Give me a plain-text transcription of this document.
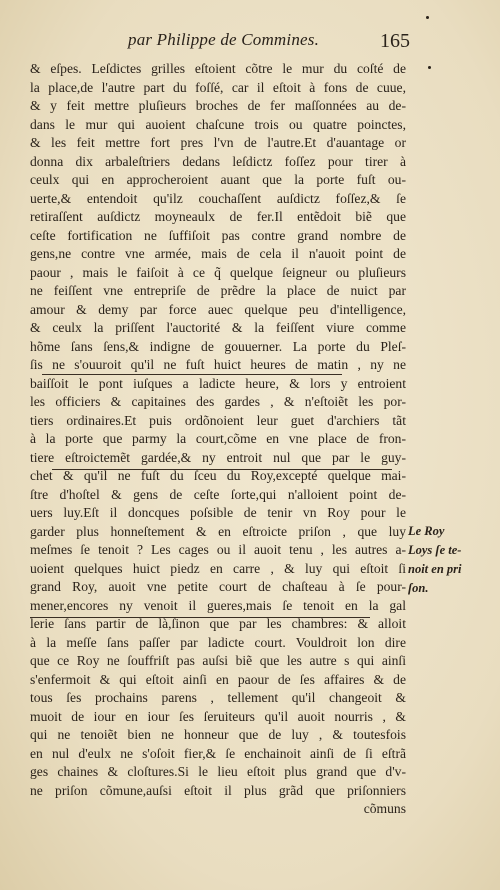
par Philippe de Commines.	165
& eſpes. Leſdictes grilles eſtoient cõtre le mur du coſté de
la place,de l'autre part du foſſé, car il eſtoit à fons de cuue,
& y feit mettre pluſieurs broches de fer maſſonnées au de-
dans le mur qui auoient chaſcune trois ou quatre poinctes,
& les feit mettre fort pres l'vn de l'autre.Et d'auantage or
donna dix arbaleſtriers dedans leſdictz foſſez pour tirer à
ceulx qui en approcheroient auant que la porte fuſt ou-
uerte,& entendoit qu'ilz couchaſſent auſdictz foſſez,& ſe
retiraſſent auſdictz moyneaulx de fer.Il entẽdoit biẽ que
ceſte fortification ne ſuffiſoit pas contre grand nombre de
gens,ne contre vne armée, mais de cela il n'auoit point de
paour , mais le faiſoit à ce q̃ quelque ſeigneur ou pluſieurs
ne feiſſent vne entrepriſe de prẽdre la place de nuict par
amour & demy par force auec quelque peu d'intelligence,
& ceulx la priſſent l'auctorité & la feiſſent viure comme
hõme ſans ſens,& indigne de gouuerner. La porte du Pleſ-
ſis ne s'ouuroit qu'il ne fuſt huict heures de matin , ny ne
baiſſoit le pont iuſques a ladicte heure, & lors y entroient
les officiers & capitaines des gardes , & n'eſtoiẽt les por-
tiers ordinaires.Et puis ordõnoient leur guet d'archiers tãt
à la porte que parmy la court,cõme en vne place de fron-
tiere eſtroictemẽt gardée,& ny entroit nul que par le guy-
chet & qu'il ne fuſt du ſceu du Roy,excepté quelque mai-
ſtre d'hoſtel & gens de ceſte ſorte,qui n'alloient point de-
uers luy.Eſt il doncques poſsible de tenir vn Roy pour le
garder plus honneſtement & en eſtroicte priſon , que luy
meſmes ſe tenoit ? Les cages ou il auoit tenu , les autres a-
uoient quelques huict piedz en carre , & luy qui eſtoit ſi
grand Roy, auoit vne petite court de chaſteau à ſe pour-
mener,encores ny venoit il gueres,mais ſe tenoit en la gal
lerie ſans partir de là,ſinon que par les chambres: & alloit
à la meſſe ſans paſſer par ladicte court. Vouldroit lon dire
que ce Roy ne ſouffriſt pas auſsi biẽ que les autre s qui ainſi
s'enfermoit & qui eſtoit ainſi en paour de ſes affaires & de
tous ſes prochains parens , tellement qu'il changeoit &
muoit de iour en iour ſes ſeruiteurs qu'il auoit nourris , &
qui ne tenoiẽt bien ne honneur que de luy , & toutesfois
en nul d'eulx ne s'oſoit fier,& ſe enchainoit ainſi de ſi eſtrã
ges chaines & cloſtures.Si le lieu eſtoit plus grand que d'v-
ne priſon cõmune,auſsi eſtoit il plus grãd que priſonniers
cõmuns
Le Roy
Loys ſe te-
noit en pri
ſon.
